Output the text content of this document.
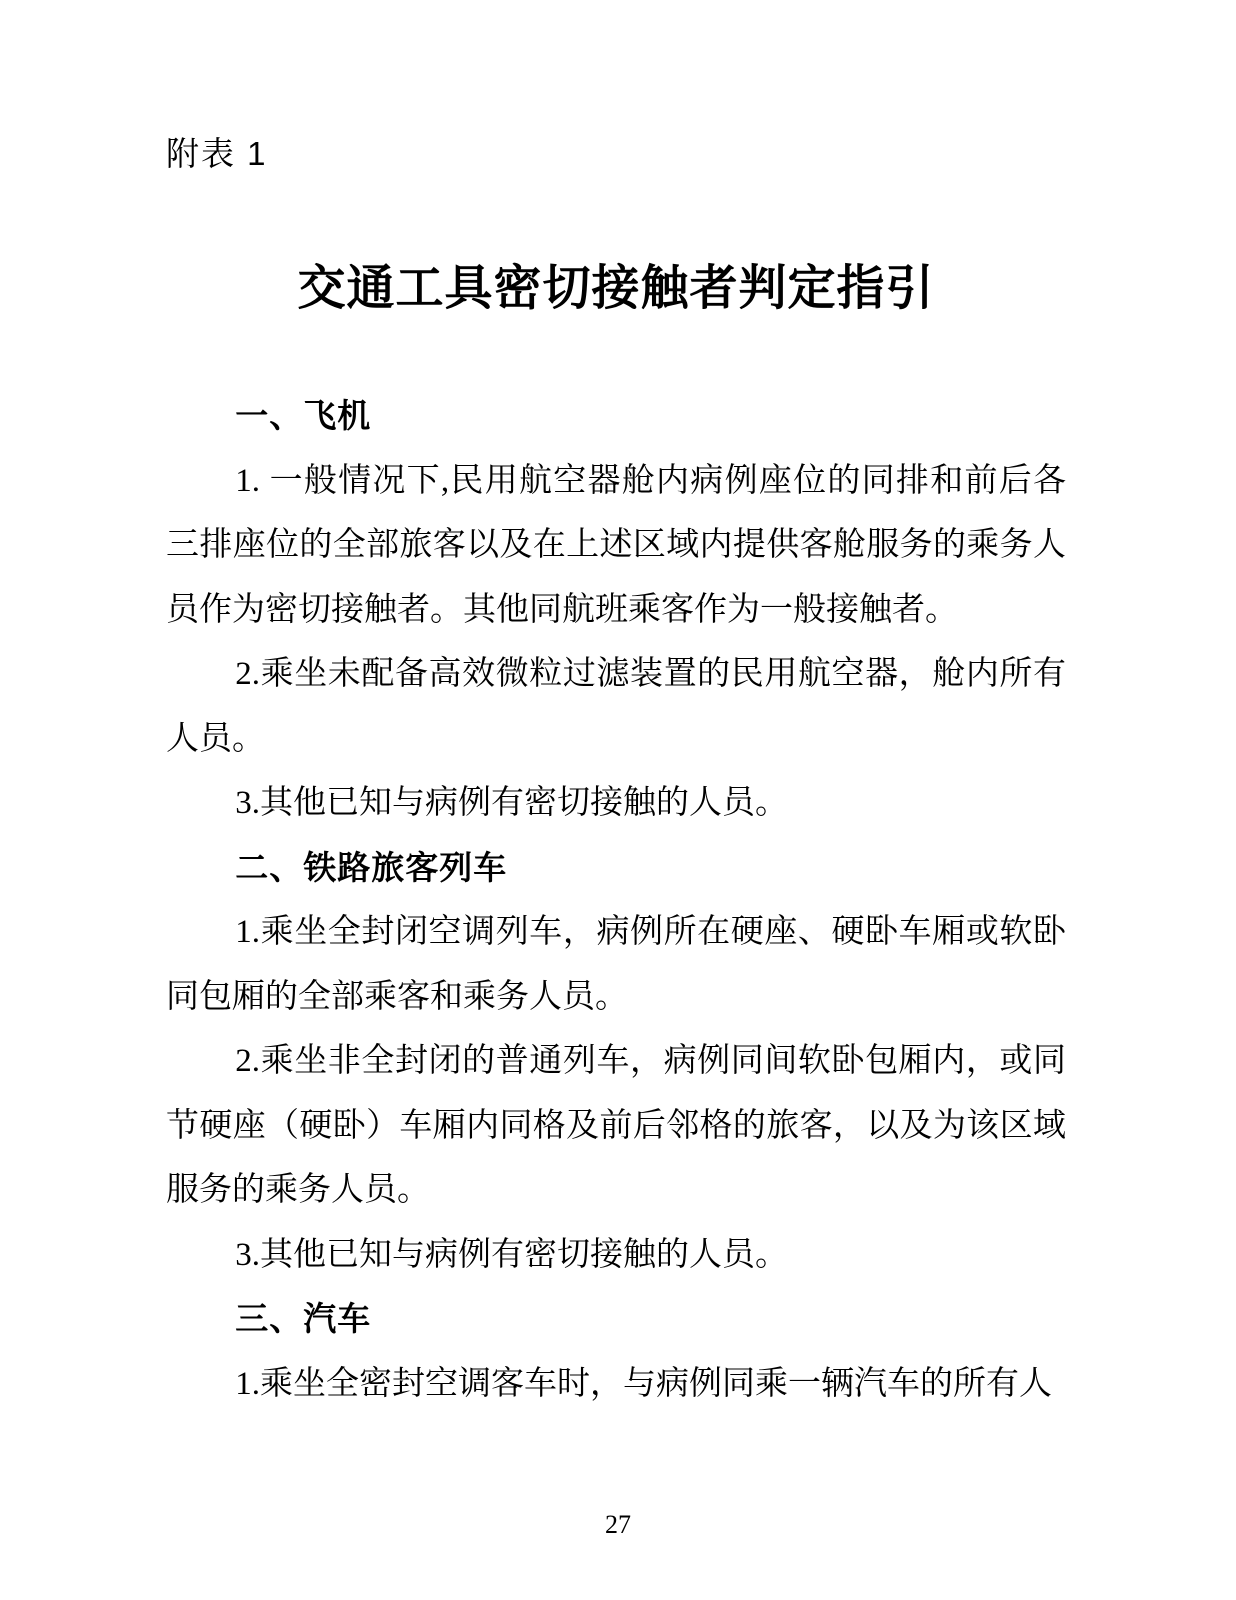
附表 1

交通工具密切接触者判定指引
一、飞机

1. 一般情况下,民用航空器舱内病例座位的同排和前后各三排座位的全部旅客以及在上述区域内提供客舱服务的乘务人员作为密切接触者。其他同航班乘客作为一般接触者。

2.乘坐未配备高效微粒过滤装置的民用航空器，舱内所有人员。

3.其他已知与病例有密切接触的人员。

二、铁路旅客列车

1.乘坐全封闭空调列车，病例所在硬座、硬卧车厢或软卧同包厢的全部乘客和乘务人员。

2.乘坐非全封闭的普通列车，病例同间软卧包厢内，或同节硬座（硬卧）车厢内同格及前后邻格的旅客，以及为该区域服务的乘务人员。

3.其他已知与病例有密切接触的人员。

三、汽车

1.乘坐全密封空调客车时，与病例同乘一辆汽车的所有人

27
